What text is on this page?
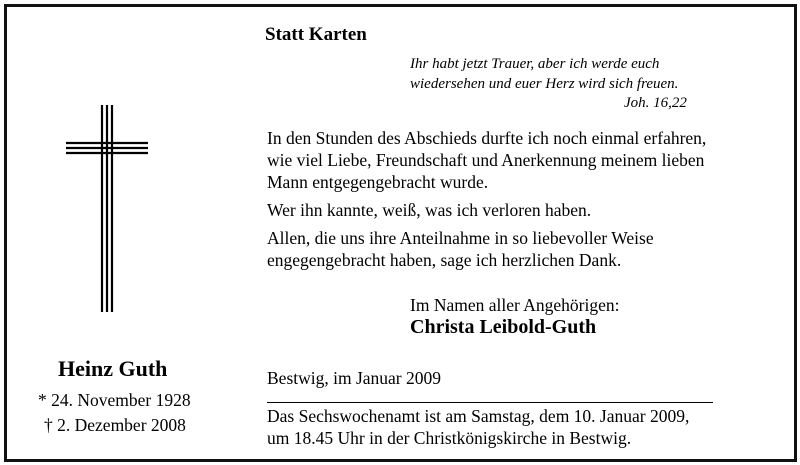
Statt Karten
Ihr habt jetzt Trauer, aber ich werde euch
wiedersehen und euer Herz wird sich freuen.
Joh. 16,22
In den Stunden des Abschieds durfte ich noch einmal erfahren,
wie viel Liebe, Freundschaft und Anerkennung meinem lieben
Mann entgegengebracht wurde.
Wer ihn kannte, weiß, was ich verloren haben.
Allen, die uns ihre Anteilnahme in so liebevoller Weise
engegengebracht haben, sage ich herzlichen Dank.
Im Namen aller Angehörigen:
Christa Leibold-Guth
Heinz Guth
* 24. November 1928
† 2. Dezember 2008
Bestwig, im Januar 2009
Das Sechswochenamt ist am Samstag, dem 10. Januar 2009,
um 18.45 Uhr in der Christkönigskirche in Bestwig.
